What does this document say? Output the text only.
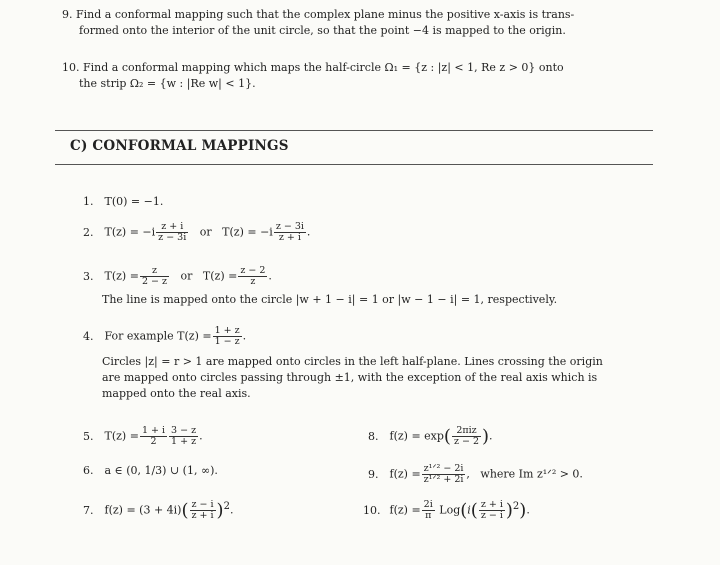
9. Find a conformal mapping such that the complex plane minus the positive x-axis is trans-
formed onto the interior of the unit circle, so that the point −4 is mapped to the origin.
10. Find a conformal mapping which maps the half-circle Ω₁ = {z : |z| < 1, Re z > 0} onto
the strip Ω₂ = {w : |Re w| < 1}.
C) CONFORMAL MAPPINGS
1. T(0) = −1.
2. $T(z) = -i \frac{z + i}{z - 3i}$ or $T(z) = -i \frac{z - 3i}{z + i}$ .
3. $T(z) = \frac{z}{2 - z}$ or $T(z) = \frac{z - 2}{z}$ .
The line is mapped onto the circle |w + 1 − i| = 1 or |w − 1 − i| = 1, respectively.
4. For example $T(z) = \frac{1 + z}{1 - z}$ .
Circles |z| = r > 1 are mapped onto circles in the left half-plane. Lines crossing the origin
are mapped onto circles passing through ±1, with the exception of the real axis which is
mapped onto the real axis.
5. $T(z) = \frac{1 + i}{2} \frac{3 - z}{1 + z}$ .
6. a ∈ (0, 1/3) ∪ (1, ∞).
7. $f(z) = (3 + 4i)( \frac{z - i}{z + i} )^2$.
8. $f(z) = \exp( \frac{\text{2πiz}}{z - 2}$ ).
9. $f(z) = \frac{\text{z¹ᐟ² − 2i}}{\text{z¹ᐟ² + 2i}}$ , where Im z¹ᐟ² > 0.
10. $f(z) = \frac{2i}{\pi} Log(i( \frac{z + i}{z - i} )^2)$.
